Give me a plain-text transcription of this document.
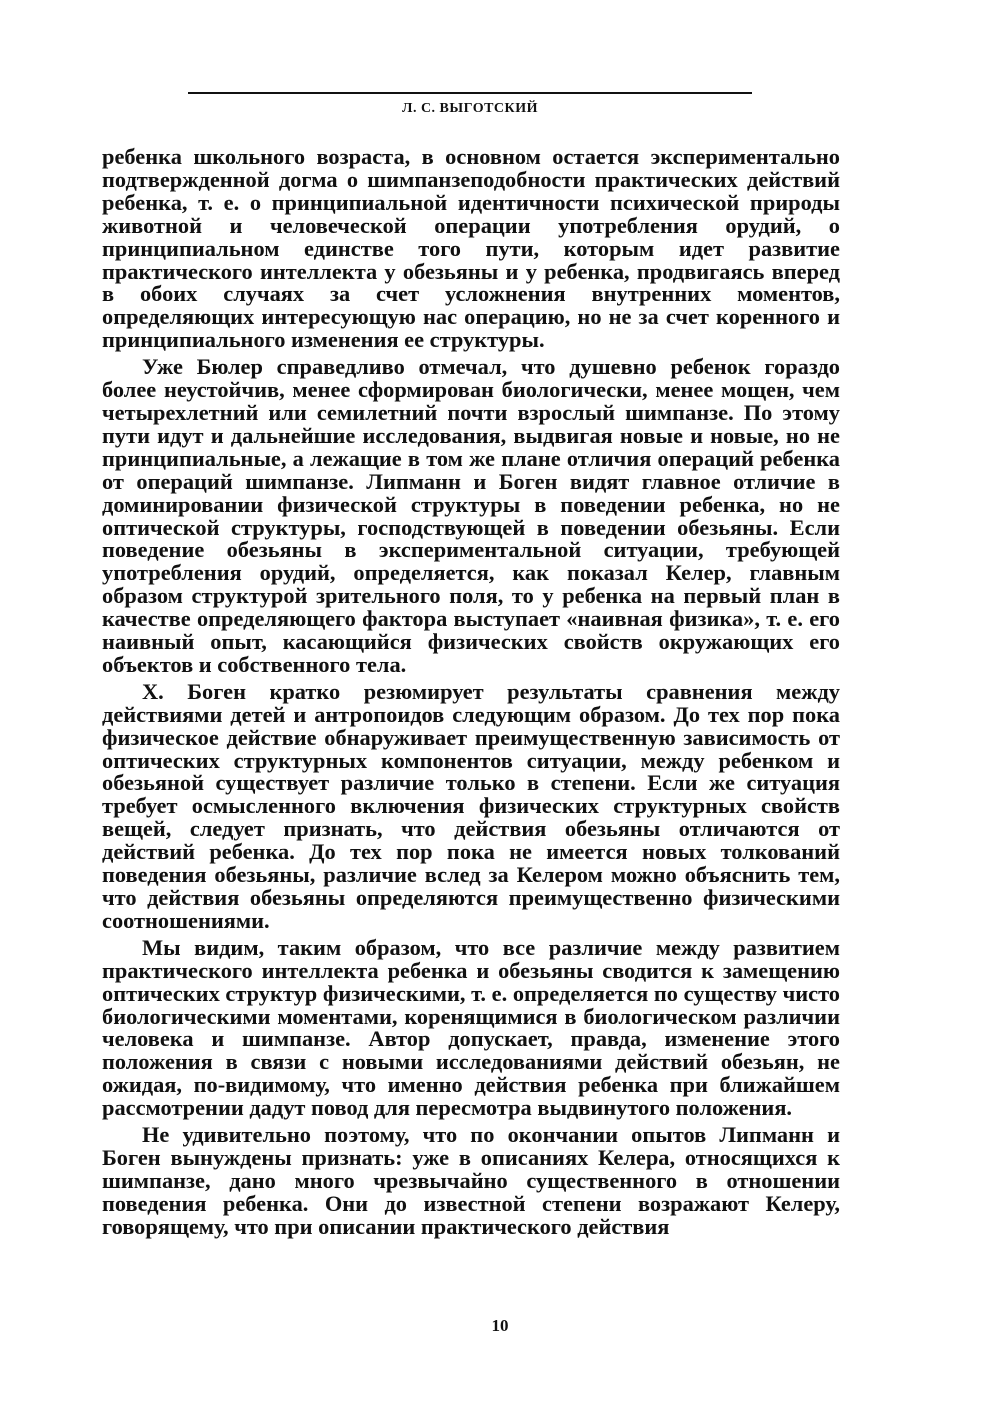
Л. С. ВЫГОТСКИЙ

ребенка школьного возраста, в основном остается экспериментально подтвержденной догма о шимпанзеподобности практических действий ребенка, т. е. о принципиальной идентичности психической природы животной и человеческой операции употребления орудий, о принципиальном единстве того пути, которым идет развитие практического интеллекта у обезьяны и у ребенка, продвигаясь вперед в обоих случаях за счет усложнения внутренних моментов, определяющих интересующую нас операцию, но не за счет коренного и принципиального изменения ее структуры.

Уже Бюлер справедливо отмечал, что душевно ребенок гораздо более неустойчив, менее сформирован биологически, менее мощен, чем четырехлетний или семилетний почти взрослый шимпанзе. По этому пути идут и дальнейшие исследования, выдвигая новые и новые, но не принципиальные, а лежащие в том же плане отличия операций ребенка от операций шимпанзе. Липманн и Боген видят главное отличие в доминировании физической структуры в поведении ребенка, но не оптической структуры, господствующей в поведении обезьяны. Если поведение обезьяны в экспериментальной ситуации, требующей употребления орудий, определяется, как показал Келер, главным образом структурой зрительного поля, то у ребенка на первый план в качестве определяющего фактора выступает «наивная физика», т. е. его наивный опыт, касающийся физических свойств окружающих его объектов и собственного тела.

Х. Боген кратко резюмирует результаты сравнения между действиями детей и антропоидов следующим образом. До тех пор пока физическое действие обнаруживает преимущественную зависимость от оптических структурных компонентов ситуации, между ребенком и обезьяной существует различие только в степени. Если же ситуация требует осмысленного включения физических структурных свойств вещей, следует признать, что действия обезьяны отличаются от действий ребенка. До тех пор пока не имеется новых толкований поведения обезьяны, различие вслед за Келером можно объяснить тем, что действия обезьяны определяются преимущественно физическими соотношениями.

Мы видим, таким образом, что все различие между развитием практического интеллекта ребенка и обезьяны сводится к замещению оптических структур физическими, т. е. определяется по существу чисто биологическими моментами, коренящимися в биологическом различии человека и шимпанзе. Автор допускает, правда, изменение этого положения в связи с новыми исследованиями действий обезьян, не ожидая, по-видимому, что именно действия ребенка при ближайшем рассмотрении дадут повод для пересмотра выдвинутого положения.

Не удивительно поэтому, что по окончании опытов Липманн и Боген вынуждены признать: уже в описаниях Келера, относящихся к шимпанзе, дано много чрезвычайно существенного в отношении поведения ребенка. Они до известной степени возражают Келеру, говорящему, что при описании практического действия

10
